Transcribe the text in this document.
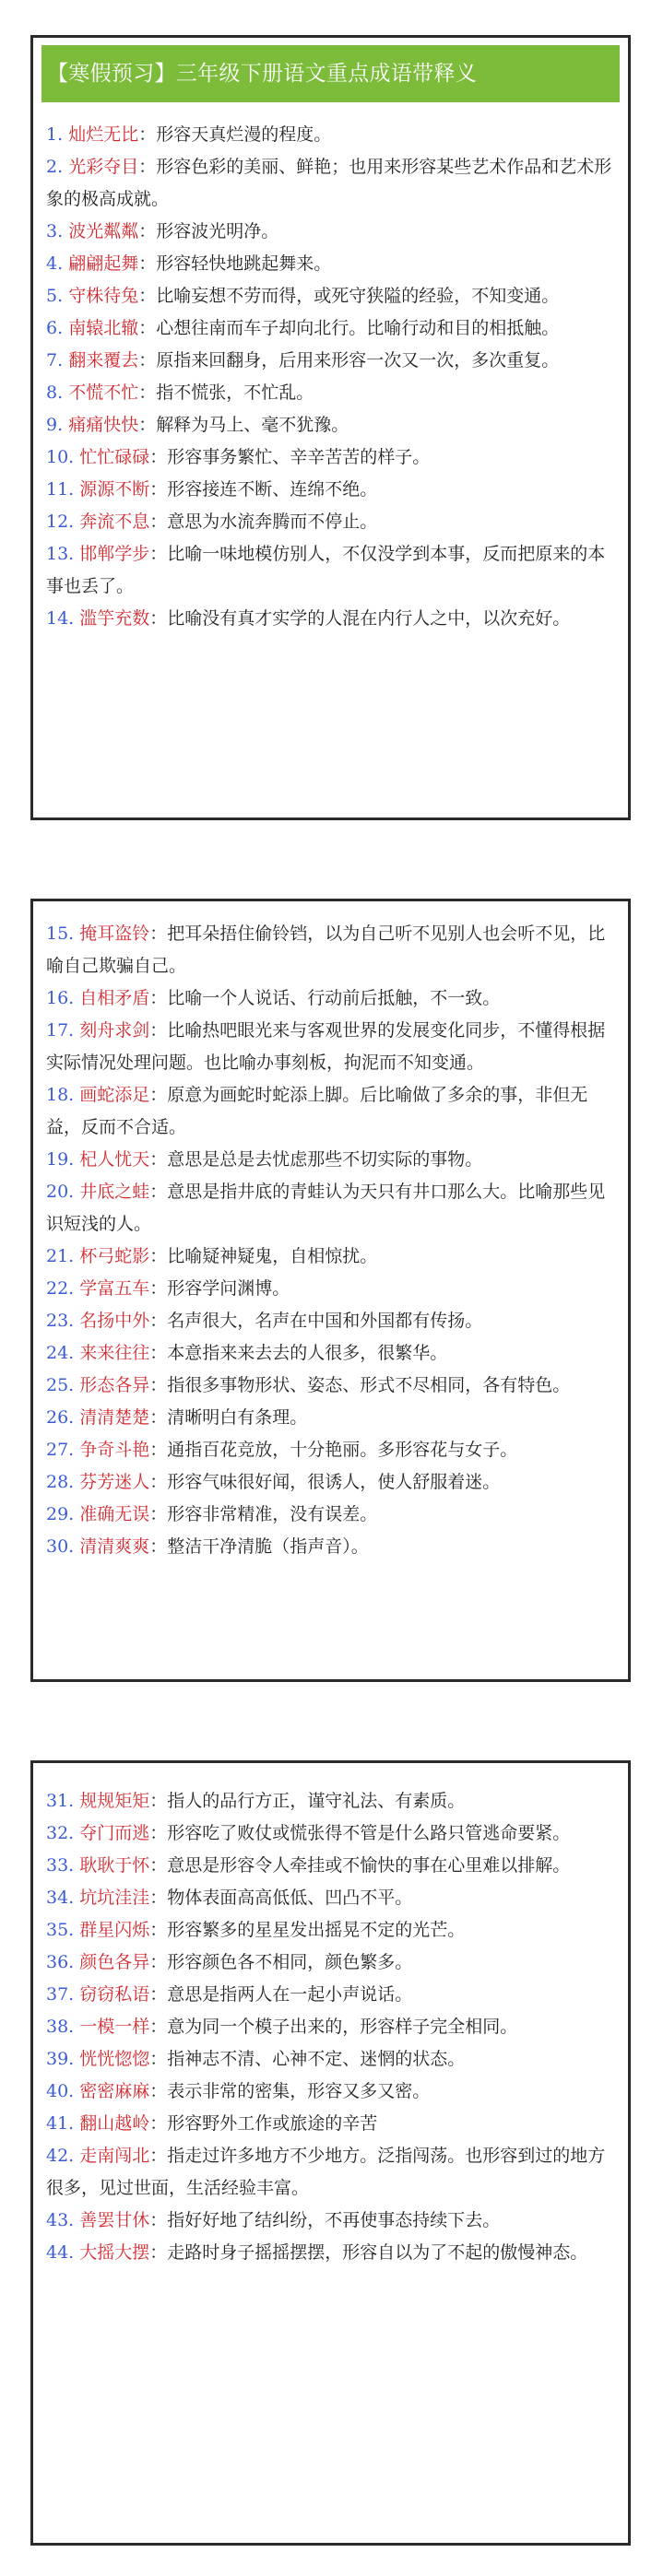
【寒假预习】三年级下册语文重点成语带释义

1. 灿烂无比：形容天真烂漫的程度。

2. 光彩夺目：形容色彩的美丽、鲜艳；也用来形容某些艺术作品和艺术形象的极高成就。

3. 波光粼粼：形容波光明净。

4. 翩翩起舞：形容轻快地跳起舞来。

5. 守株待兔：比喻妄想不劳而得，或死守狭隘的经验，不知变通。

6. 南辕北辙：心想往南而车子却向北行。比喻行动和目的相抵触。

7. 翻来覆去：原指来回翻身，后用来形容一次又一次，多次重复。

8. 不慌不忙：指不慌张，不忙乱。

9. 痛痛快快：解释为马上、毫不犹豫。

10. 忙忙碌碌：形容事务繁忙、辛辛苦苦的样子。

11. 源源不断：形容接连不断、连绵不绝。

12. 奔流不息：意思为水流奔腾而不停止。

13. 邯郸学步：比喻一味地模仿别人，不仅没学到本事，反而把原来的本事也丢了。

14. 滥竽充数：比喻没有真才实学的人混在内行人之中，以次充好。

15. 掩耳盗铃：把耳朵捂住偷铃铛，以为自己听不见别人也会听不见，比喻自己欺骗自己。

16. 自相矛盾：比喻一个人说话、行动前后抵触，不一致。

17. 刻舟求剑：比喻热吧眼光来与客观世界的发展变化同步，不懂得根据实际情况处理问题。也比喻办事刻板，拘泥而不知变通。

18. 画蛇添足：原意为画蛇时蛇添上脚。后比喻做了多余的事，非但无益，反而不合适。

19. 杞人忧天：意思是总是去忧虑那些不切实际的事物。

20. 井底之蛙：意思是指井底的青蛙认为天只有井口那么大。比喻那些见识短浅的人。

21. 杯弓蛇影：比喻疑神疑鬼，自相惊扰。

22. 学富五车：形容学问渊博。

23. 名扬中外：名声很大，名声在中国和外国都有传扬。

24. 来来往往：本意指来来去去的人很多，很繁华。

25. 形态各异：指很多事物形状、姿态、形式不尽相同，各有特色。

26. 清清楚楚：清晰明白有条理。

27. 争奇斗艳：通指百花竞放，十分艳丽。多形容花与女子。

28. 芬芳迷人：形容气味很好闻，很诱人，使人舒服着迷。

29. 准确无误：形容非常精准，没有误差。

30. 清清爽爽：整洁干净清脆（指声音）。

31. 规规矩矩：指人的品行方正，谨守礼法、有素质。

32. 夺门而逃：形容吃了败仗或慌张得不管是什么路只管逃命要紧。

33. 耿耿于怀：意思是形容令人牵挂或不愉快的事在心里难以排解。

34. 坑坑洼洼：物体表面高高低低、凹凸不平。

35. 群星闪烁：形容繁多的星星发出摇晃不定的光芒。

36. 颜色各异：形容颜色各不相同，颜色繁多。

37. 窃窃私语：意思是指两人在一起小声说话。

38. 一模一样：意为同一个模子出来的，形容样子完全相同。

39. 恍恍惚惚：指神志不清、心神不定、迷惘的状态。

40. 密密麻麻：表示非常的密集，形容又多又密。

41. 翻山越岭：形容野外工作或旅途的辛苦

42. 走南闯北：指走过许多地方不少地方。泛指闯荡。也形容到过的地方很多，见过世面，生活经验丰富。

43. 善罢甘休：指好好地了结纠纷，不再使事态持续下去。

44. 大摇大摆：走路时身子摇摇摆摆，形容自以为了不起的傲慢神态。
